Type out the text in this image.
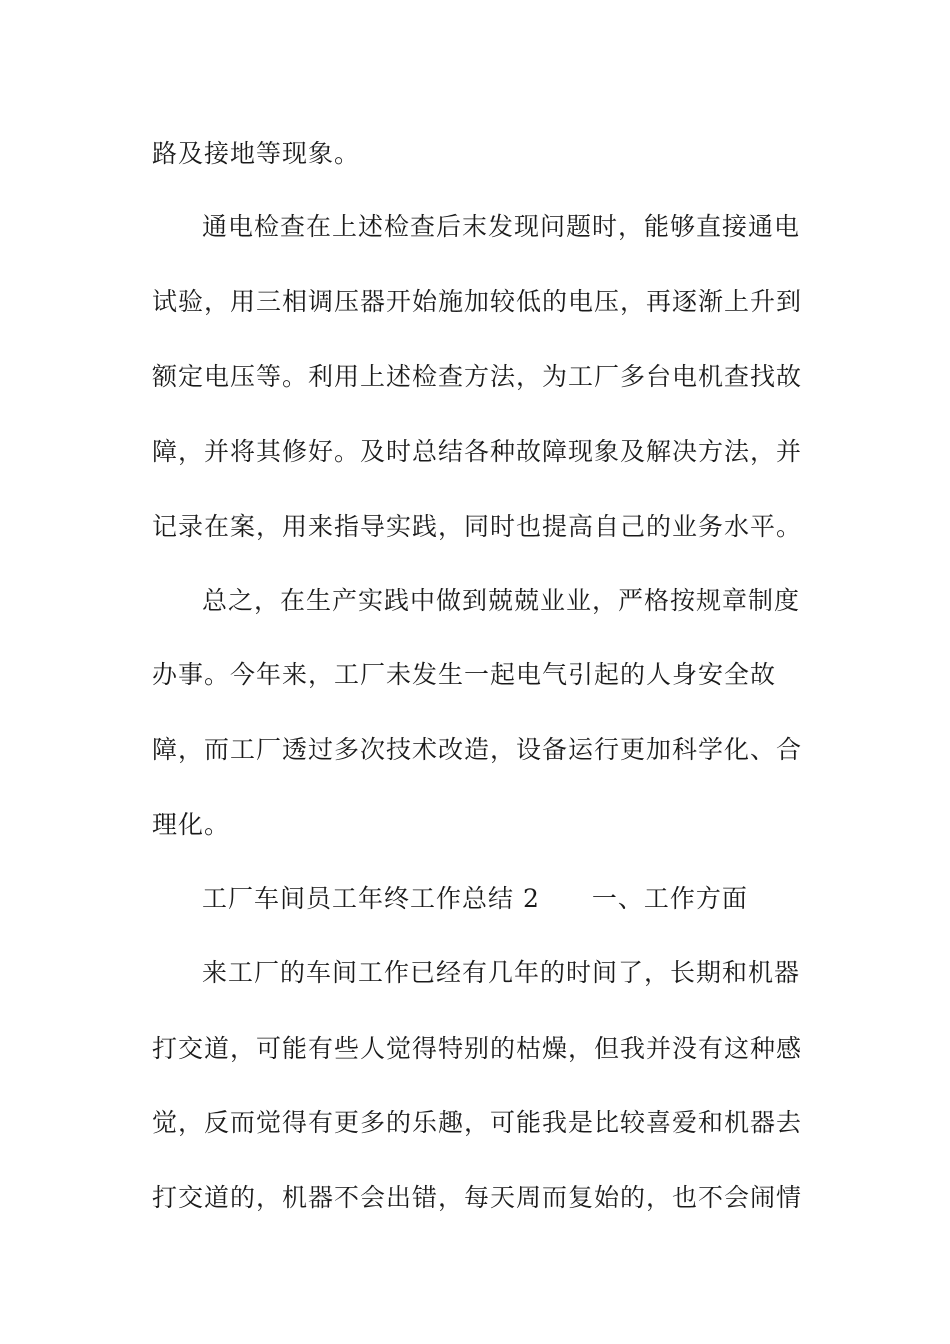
路及接地等现象。
通电检查在上述检查后末发现问题时，能够直接通电
试验，用三相调压器开始施加较低的电压，再逐渐上升到
额定电压等。利用上述检查方法，为工厂多台电机查找故
障，并将其修好。及时总结各种故障现象及解决方法，并
记录在案，用来指导实践，同时也提高自己的业务水平。
总之，在生产实践中做到兢兢业业，严格按规章制度
办事。今年来，工厂未发生一起电气引起的人身安全故
障，而工厂透过多次技术改造，设备运行更加科学化、合
理化。
工厂车间员工年终工作总结 2　　一、工作方面
来工厂的车间工作已经有几年的时间了，长期和机器
打交道，可能有些人觉得特别的枯燥，但我并没有这种感
觉，反而觉得有更多的乐趣，可能我是比较喜爱和机器去
打交道的，机器不会出错，每天周而复始的，也不会闹情
